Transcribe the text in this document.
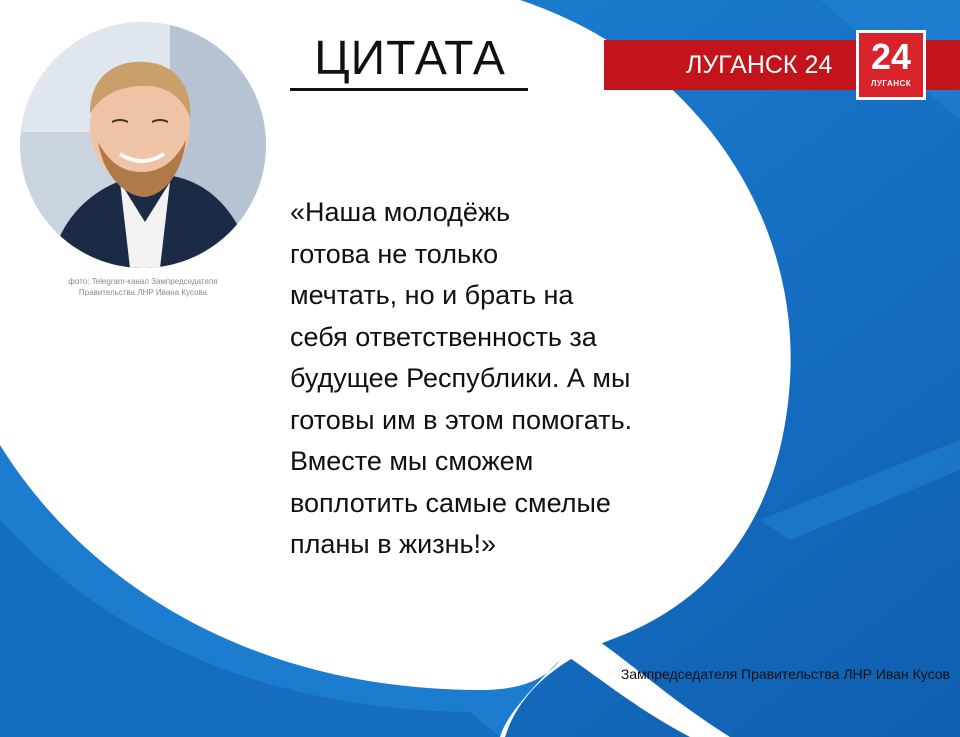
фото: Telegram-канал Зампредседателя
Правительства ЛНР Ивана Кусова
ЦИТАТА	ЛУГАНСК 24	24
ЛУГАНСК
«Наша молодёжь
готова не только
мечтать, но и брать на
себя ответственность за
будущее Республики. А мы
готовы им в этом помогать.
Вместе мы сможем
воплотить самые смелые
планы в жизнь!»
Зампредседателя Правительства ЛНР Иван Кусов
